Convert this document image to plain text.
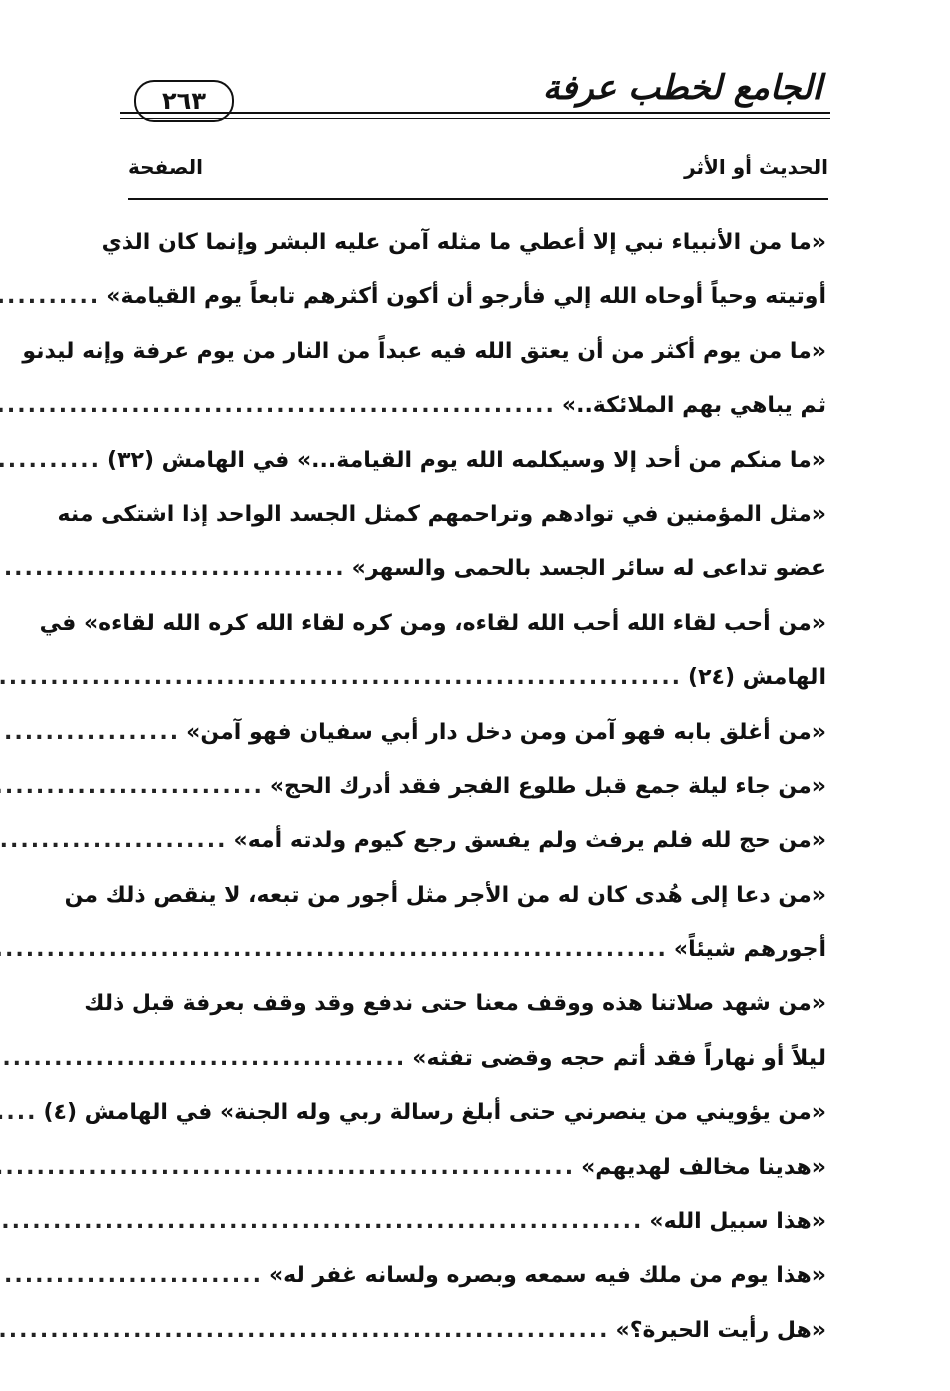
الجامع لخطب عرفة
٢٦٣
الحديث أو الأثر
الصفحة
«ما من الأنبياء نبي إلا أعطي ما مثله آمن عليه البشر وإنما كان الذي
أوتيته وحياً أوحاه الله إلي فأرجو أن أكون أكثرهم تابعاً يوم القيامة»
.....
«ما من يوم أكثر من أن يعتق الله فيه عبداً من النار من يوم عرفة وإنه ليدنو
ثم يباهي بهم الملائكة..»
.....
«ما منكم من أحد إلا وسيكلمه الله يوم القيامة...» في الهامش (٣٢)
.....
«مثل المؤمنين في توادهم وتراحمهم كمثل الجسد الواحد إذا اشتكى منه
عضو تداعى له سائر الجسد بالحمى والسهر»
.....
«من أحب لقاء الله أحب الله لقاءه، ومن كره لقاء الله كره الله لقاءه» في
الهامش (٢٤)
.....
«من أغلق بابه فهو آمن ومن دخل دار أبي سفيان فهو آمن»
.....
«من جاء ليلة جمع قبل طلوع الفجر فقد أدرك الحج»
.....
«من حج لله فلم يرفث ولم يفسق رجع كيوم ولدته أمه»
.....
«من دعا إلى هُدى كان له من الأجر مثل أجور من تبعه، لا ينقص ذلك من
أجورهم شيئاً»
.....
«من شهد صلاتنا هذه ووقف معنا حتى ندفع وقد وقف بعرفة قبل ذلك
ليلاً أو نهاراً فقد أتم حجه وقضى تفثه»
.....
«من يؤويني من ينصرني حتى أبلغ رسالة ربي وله الجنة» في الهامش (٤)
.....
«هدينا مخالف لهديهم»
.....
«هذا سبيل الله»
.....
«هذا يوم من ملك فيه سمعه وبصره ولسانه غفر له»
.....
«هل رأيت الحيرة؟»
.....
